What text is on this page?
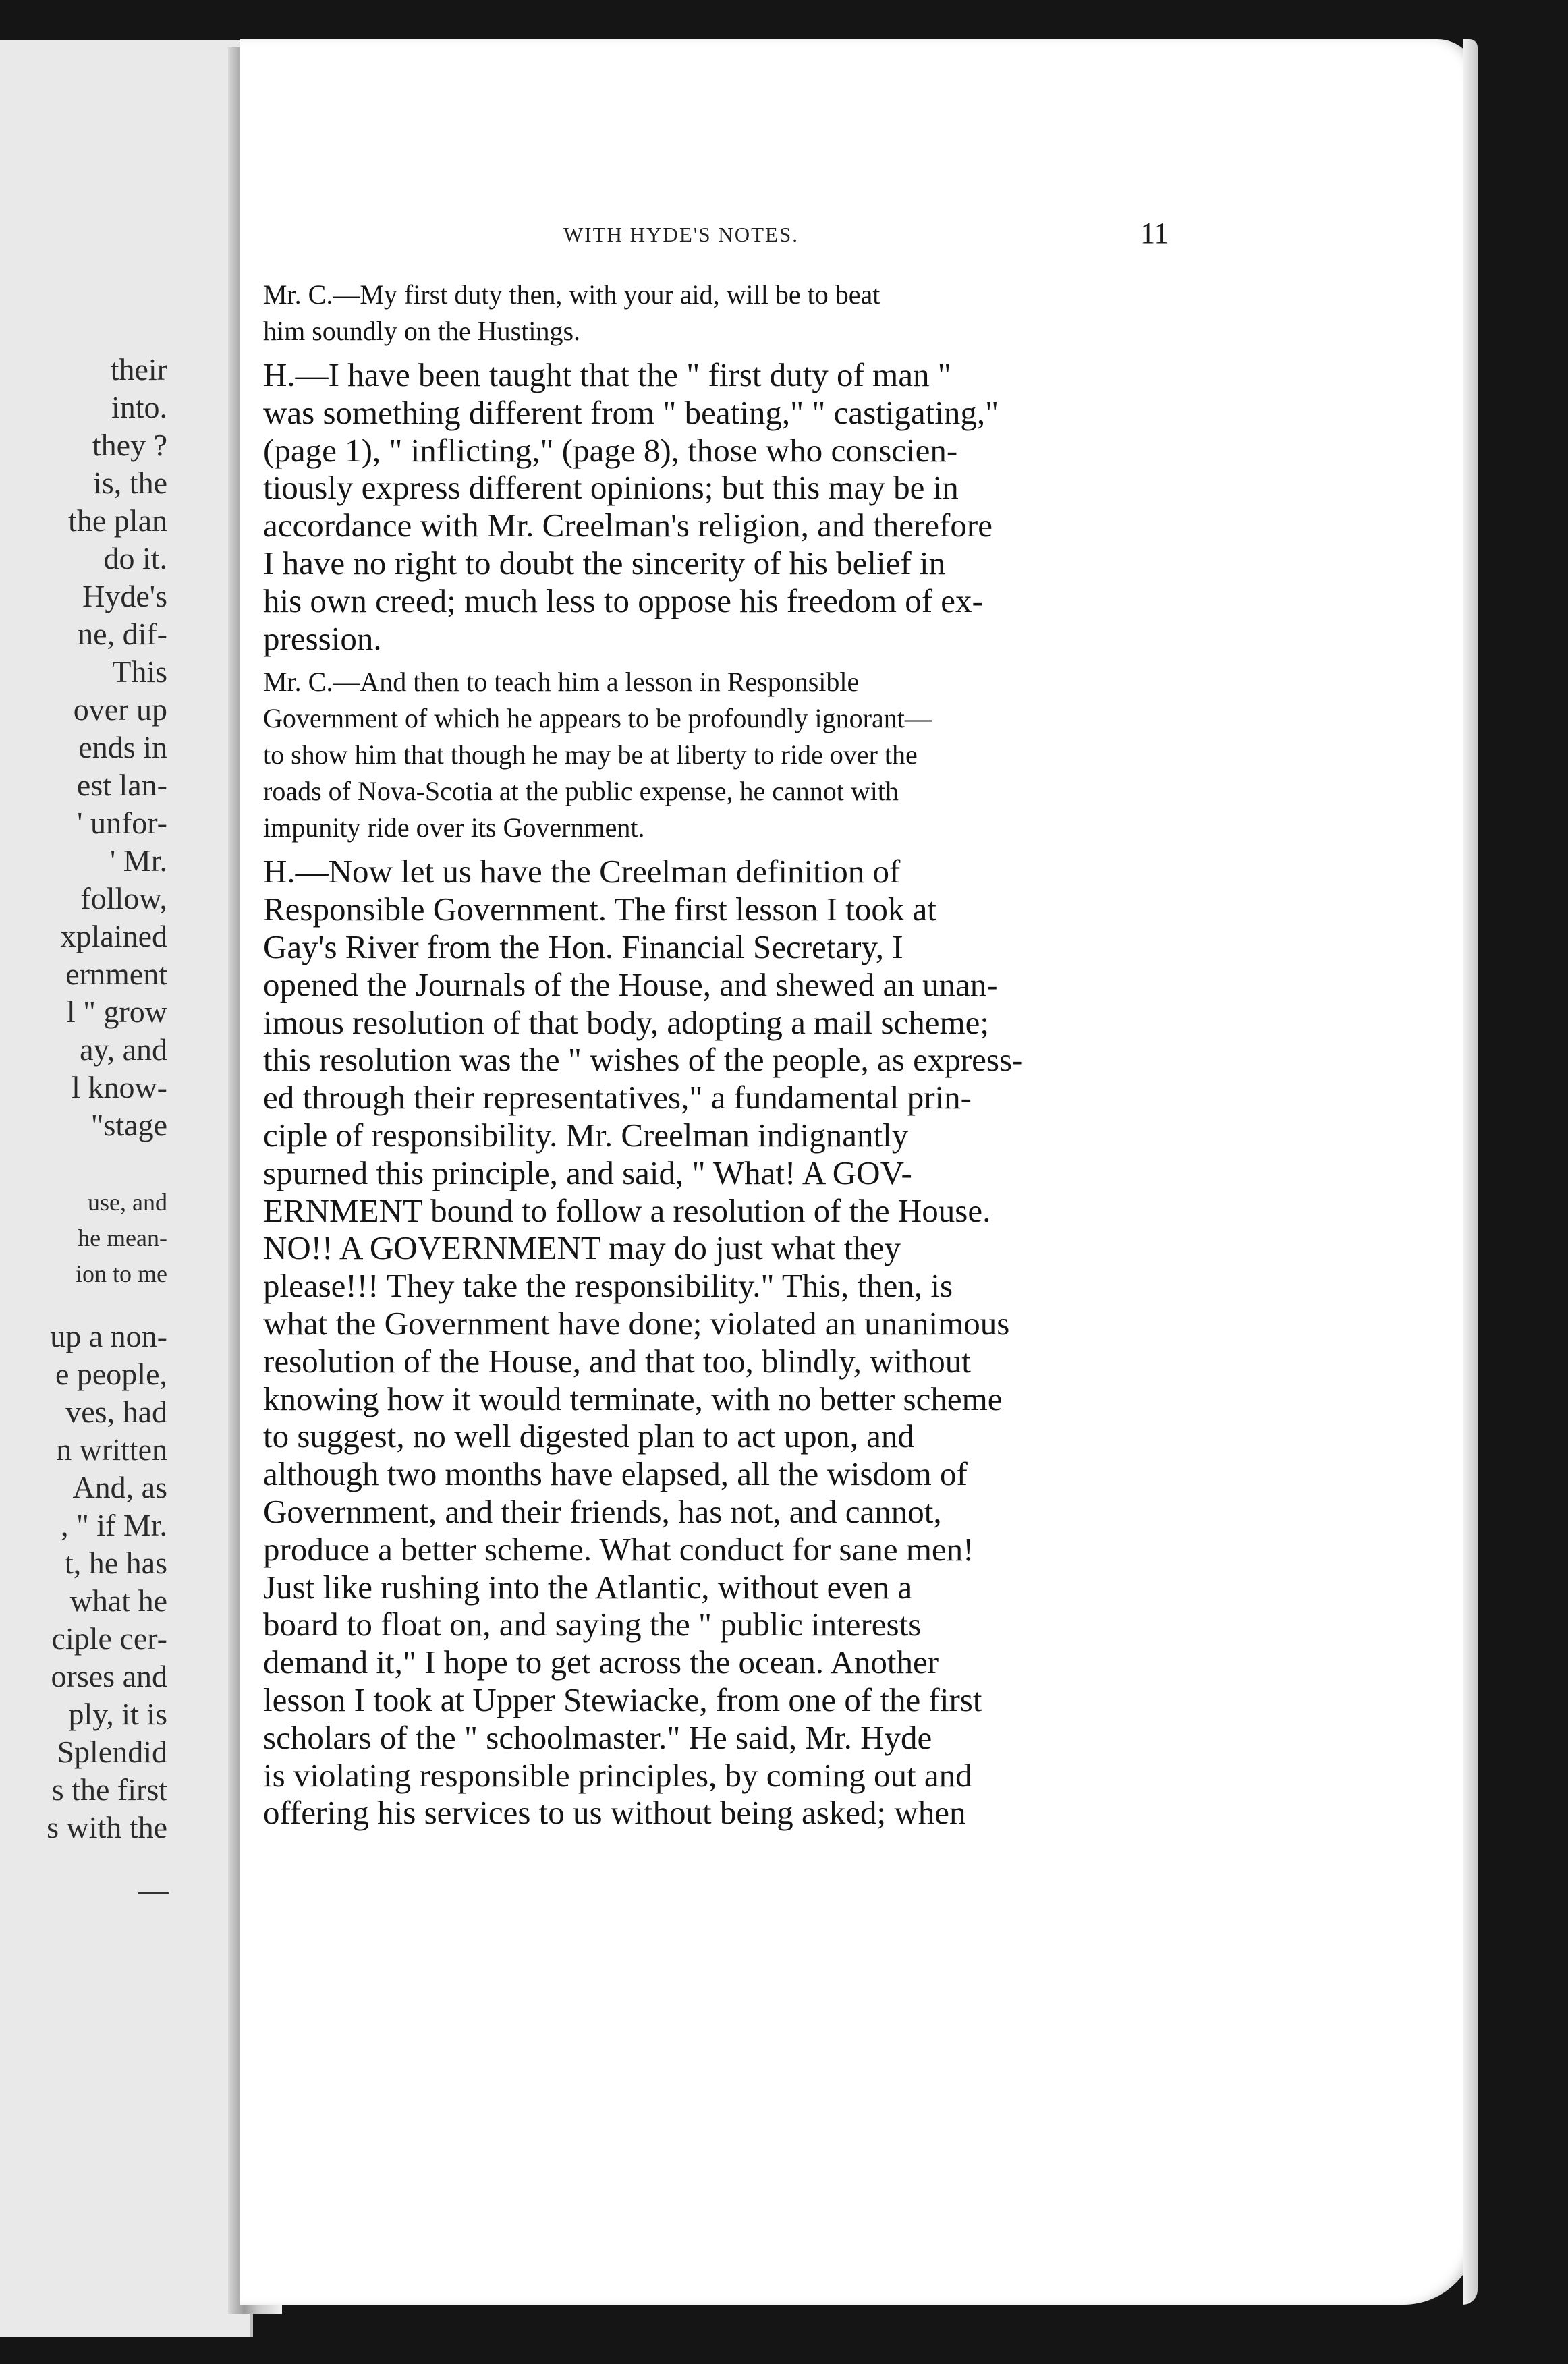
their
into.
they ?
is, the
the plan
do it.
Hyde's
ne, dif-
This
over up
ends in
est lan-
' unfor-
' Mr.
follow,
xplained
ernment
l " grow
ay, and
l know-
"stage
use, and
he mean-
ion to me
up a non-
e people,
ves, had
n written
And, as
, " if Mr.
t, he has
what he
ciple cer-
orses and
ply, it is
Splendid
s the first
s with the
WITH HYDE'S NOTES.	11
Mr. C.—My first duty then, with your aid, will be to beat
him soundly on the Hustings.
H.—I have been taught that the " first duty of man "
was something different from " beating," " castigating,"
(page 1), " inflicting," (page 8), those who conscien-
tiously express different opinions; but this may be in
accordance with Mr. Creelman's religion, and therefore
I have no right to doubt the sincerity of his belief in
his own creed; much less to oppose his freedom of ex-
pression.
Mr. C.—And then to teach him a lesson in Responsible
Government of which he appears to be profoundly ignorant—
to show him that though he may be at liberty to ride over the
roads of Nova-Scotia at the public expense, he cannot with
impunity ride over its Government.
H.—Now let us have the Creelman definition of
Responsible Government. The first lesson I took at
Gay's River from the Hon. Financial Secretary, I
opened the Journals of the House, and shewed an unan-
imous resolution of that body, adopting a mail scheme;
this resolution was the " wishes of the people, as express-
ed through their representatives," a fundamental prin-
ciple of responsibility. Mr. Creelman indignantly
spurned this principle, and said, " What! A GOV-
ERNMENT bound to follow a resolution of the House.
NO!! A GOVERNMENT may do just what they
please!!! They take the responsibility." This, then, is
what the Government have done; violated an unanimous
resolution of the House, and that too, blindly, without
knowing how it would terminate, with no better scheme
to suggest, no well digested plan to act upon, and
although two months have elapsed, all the wisdom of
Government, and their friends, has not, and cannot,
produce a better scheme. What conduct for sane men!
Just like rushing into the Atlantic, without even a
board to float on, and saying the " public interests
demand it," I hope to get across the ocean. Another
lesson I took at Upper Stewiacke, from one of the first
scholars of the " schoolmaster." He said, Mr. Hyde
is violating responsible principles, by coming out and
offering his services to us without being asked; when
